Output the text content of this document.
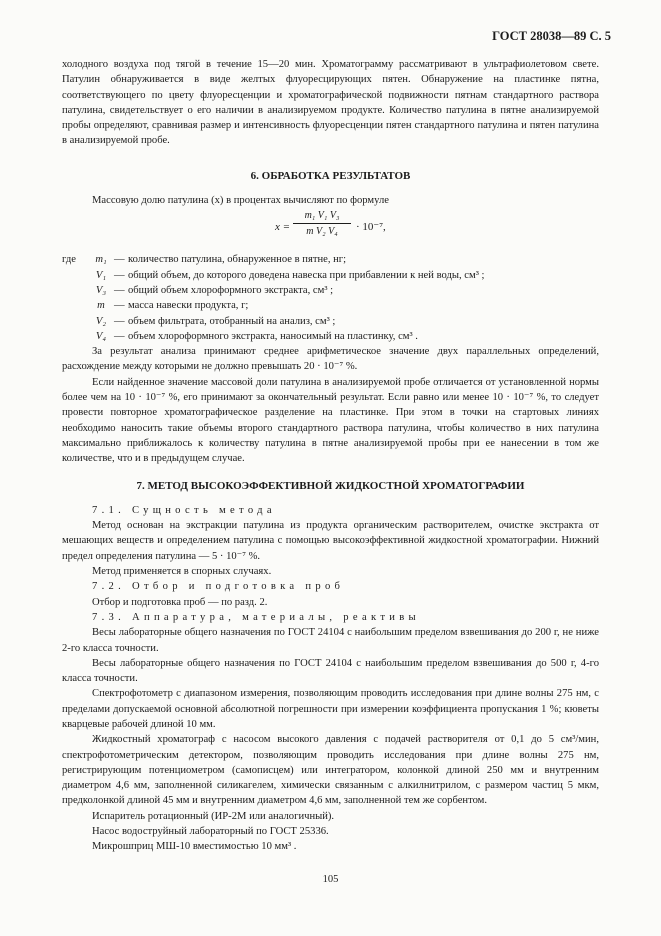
ГОСТ 28038—89 С. 5

холодного воздуха под тягой в течение 15—20 мин. Хроматограмму рассматривают в ультрафиолетовом свете. Патулин обнаруживается в виде желтых флуоресцирующих пятен. Обнаружение на пластинке пятна, соответствующего по цвету флуоресценции и хроматографической подвижности пятнам стандартного раствора патулина, свидетельствует о его наличии в анализируемом продукте. Количество патулина в пятне анализируемой пробы определяют, сравнивая размер и интенсивность флуоресценции пятен стандартного патулина и пятен патулина в анализируемой пробе.

6. ОБРАБОТКА РЕЗУЛЬТАТОВ

Массовую долю патулина (x) в процентах вычисляют по формуле

x =
m₁ V₁ V₃
m V₂ V₄	· 10⁻⁷,
где	m₁ — количество патулина, обнаруженное в пятне, нг;
V₁ — общий объем, до которого доведена навеска при прибавлении к ней воды, см³ ;
V₃ — общий объем хлороформного экстракта, см³ ;
m — масса навески продукта, г;
V₂ — объем фильтрата, отобранный на анализ, см³ ;
V₄ — объем хлороформного экстракта, наносимый на пластинку, см³ .

За результат анализа принимают среднее арифметическое значение двух параллельных определений, расхождение между которыми не должно превышать 20 · 10⁻⁷ %.

Если найденное значение массовой доли патулина в анализируемой пробе отличается от установленной нормы более чем на 10 · 10⁻⁷ %, его принимают за окончательный результат. Если равно или менее 10 · 10⁻⁷ %, то следует провести повторное хроматографическое разделение на пластинке. При этом в точки на стартовых линиях необходимо наносить такие объемы второго стандартного раствора патулина, чтобы количество в них патулина максимально приближалось к количеству патулина в пятне анализируемой пробы при ее нанесении в том же количестве, что и в предыдущем случае.

7. МЕТОД ВЫСОКОЭФФЕКТИВНОЙ ЖИДКОСТНОЙ ХРОМАТОГРАФИИ

7.1. Сущность метода

Метод основан на экстракции патулина из продукта органическим растворителем, очистке экстракта от мешающих веществ и определением патулина с помощью высокоэффективной жидкостной хроматографии. Нижний предел определения патулина — 5 · 10⁻⁷ %.

Метод применяется в спорных случаях.

7.2. Отбор и подготовка проб

Отбор и подготовка проб — по разд. 2.

7.3. Аппаратура, материалы, реактивы

Весы лабораторные общего назначения по ГОСТ 24104 с наибольшим пределом взвешивания до 200 г, не ниже 2-го класса точности.

Весы лабораторные общего назначения по ГОСТ 24104 с наибольшим пределом взвешивания до 500 г, 4-го класса точности.

Спектрофотометр с диапазоном измерения, позволяющим проводить исследования при длине волны 275 нм, с пределами допускаемой основной абсолютной погрешности при измерении коэффициента пропускания 1 %; кюветы кварцевые рабочей длиной 10 мм.

Жидкостный хроматограф с насосом высокого давления с подачей растворителя от 0,1 до 5 см³/мин, спектрофотометрическим детектором, позволяющим проводить исследования при длине волны 275 нм, регистрирующим потенциометром (самописцем) или интегратором, колонкой длиной 250 мм и внутренним диаметром 4,6 мм, заполненной силикагелем, химически связанным с алкилнитрилом, с размером частиц 5 мкм, предколонкой длиной 45 мм и внутренним диаметром 4,6 мм, заполненной тем же сорбентом.

Испаритель ротационный (ИР-2М или аналогичный).

Насос водоструйный лабораторный по ГОСТ 25336.

Микрошприц МШ-10 вместимостью 10 мм³ .

105
